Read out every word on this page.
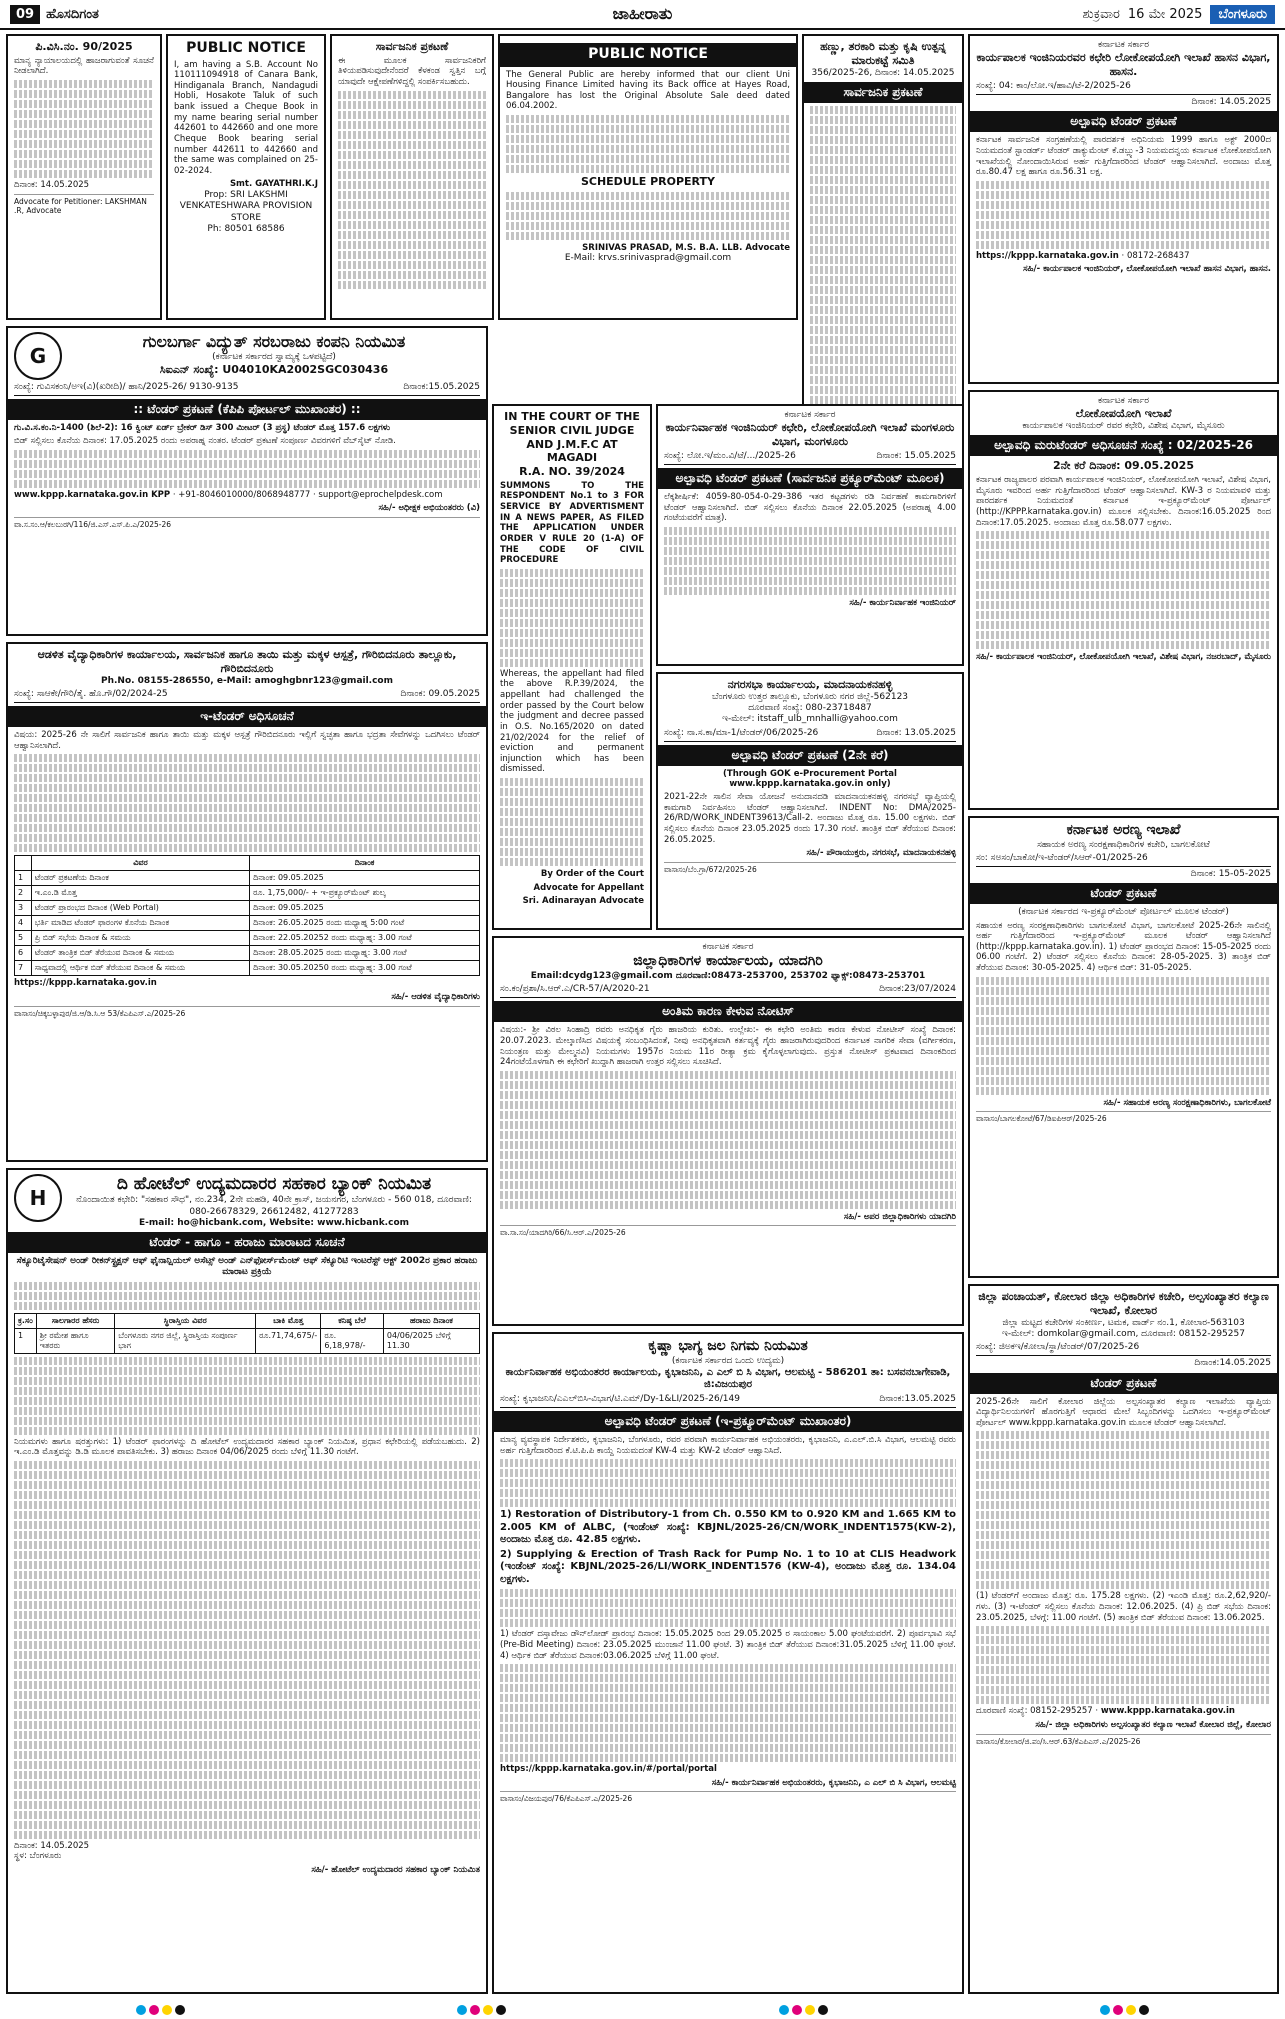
09 ಹೊಸದಿಗಂತ	ಜಾಹೀರಾತು	ಶುಕ್ರವಾರ 16 ಮೇ 2025	ಬೆಂಗಳೂರು
ಪಿ.ವಿಸಿ.ನಂ. 90/2025

ಮಾನ್ಯ ನ್ಯಾಯಾಲಯದಲ್ಲಿ ಹಾಜರಾಗುವಂತೆ ಸೂಚನೆ ನೀಡಲಾಗಿದೆ.

ದಿನಾಂಕ: 14.05.2025

Advocate for Petitioner: LAKSHMAN .R, Advocate
PUBLIC NOTICE

I, am having a S.B. Account No 110111094918 of Canara Bank, Hindiganala Branch, Nandagudi Hobli, Hosakote Taluk of such bank issued a Cheque Book in my name bearing serial number 442601 to 442660 and one more Cheque Book bearing serial number 442611 to 442660 and the same was complained on 25-02-2024.

Smt. GAYATHRI.K.J
Prop: SRI LAKSHMI VENKATESHWARA PROVISION STORE
Ph: 80501 68586
ಸಾರ್ವಜನಿಕ ಪ್ರಕಟಣೆ

ಈ ಮೂಲಕ ಸಾರ್ವಜನಿಕರಿಗೆ ತಿಳಿಯಪಡಿಸುವುದೇನೆಂದರೆ ಕೆಳಕಂಡ ಸ್ವತ್ತಿನ ಬಗ್ಗೆ ಯಾವುದೇ ಆಕ್ಷೇಪಣೆಗಳಿದ್ದಲ್ಲಿ ಸಂಪರ್ಕಿಸಬಹುದು.

PUBLIC NOTICE

The General Public are hereby informed that our client Uni Housing Finance Limited having its Back office at Hayes Road, Bangalore has lost the Original Absolute Sale deed dated 06.04.2002.

SCHEDULE PROPERTY
SRINIVAS PRASAD, M.S. B.A. LLB. Advocate
E-Mail: krvs.srinivasprad@gmail.com
ಹಣ್ಣು, ತರಕಾರಿ ಮತ್ತು ಕೃಷಿ ಉತ್ಪನ್ನ ಮಾರುಕಟ್ಟೆ ಸಮಿತಿ
356/2025-26, ದಿನಾಂಕ: 14.05.2025
ಸಾರ್ವಜನಿಕ ಪ್ರಕಟಣೆ
ಕರ್ನಾಟಕ ಸರ್ಕಾರ
ಕಾರ್ಯಪಾಲಕ ಇಂಜಿನಿಯರವರ ಕಛೇರಿ ಲೋಕೋಪಯೋಗಿ ಇಲಾಖೆ ಹಾಸನ ವಿಭಾಗ, ಹಾಸನ.
ಸಂಖ್ಯೆ: 04: ಕಾಂ/ಲೋ.ಇ/ಹಾವಿ/ಟೆ-2/2025-26
ದಿನಾಂಕ: 14.05.2025
ಅಲ್ಪಾವಧಿ ಟೆಂಡರ್ ಪ್ರಕಟಣೆ

ಕರ್ನಾಟಕ ಸಾರ್ವಜನಿಕ ಸಂಗ್ರಹಣೆಯಲ್ಲಿ ಪಾರದರ್ಶಕ ಅಧಿನಿಯಮ 1999 ಹಾಗೂ ಅಕ್ಟ್ 2000ದ ನಿಯಮದಂತೆ ಸ್ಟಾಂಡರ್ಡ್ ಟೆಂಡರ್ ಡಾಕ್ಯುಮೆಂಟ್ ಕೆ.ಡಬ್ಲ್ಯು-3 ನಿಯಮದನ್ವಯ ಕರ್ನಾಟಕ ಲೋಕೋಪಯೋಗಿ ಇಲಾಖೆಯಲ್ಲಿ ನೋಂದಾಯಿಸಿರುವ ಅರ್ಹ ಗುತ್ತಿಗೆದಾರರಿಂದ ಟೆಂಡರ್ ಆಹ್ವಾನಿಸಲಾಗಿದೆ. ಅಂದಾಜು ಮೊತ್ತ ರೂ.80.47 ಲಕ್ಷ ಹಾಗೂ ರೂ.56.31 ಲಕ್ಷ.

https://kppp.karnataka.gov.in · 08172-268437

ಸಹಿ/- ಕಾರ್ಯಪಾಲಕ ಇಂಜಿನಿಯರ್, ಲೋಕೋಪಯೋಗಿ ಇಲಾಖೆ ಹಾಸನ ವಿಭಾಗ, ಹಾಸನ.
G
ಗುಲಬರ್ಗಾ ವಿದ್ಯುತ್ ಸರಬರಾಜು ಕಂಪನಿ ನಿಯಮಿತ
(ಕರ್ನಾಟಕ ಸರ್ಕಾರದ ಸ್ವಾಮ್ಯಕ್ಕೆ ಒಳಪಟ್ಟಿದೆ)
ಸಿಐಎನ್ ಸಂಖ್ಯೆ: U04010KA2002SGC030436
ಸಂಖ್ಯೆ: ಗುವಿಸಕಂನಿ/ಅಇ(ವಿ)(ಖರೀದಿ)/ ಹಾನಿ/2025-26/ 9130-9135	ದಿನಾಂಕ:15.05.2025
:: ಟೆಂಡರ್ ಪ್ರಕಟಣೆ (ಕೆಪಿಪಿ ಪೋರ್ಟಲ್ ಮುಖಾಂತರ) ::

ಗು.ವಿ.ಸ.ಕಂ.ನಿ-1400 (ಶಿಲೆ-2): 16 ಕ್ವಿಂಟ್ ಏರ್ಡ್ ಬ್ರೇಕರ್ ಡಿಸ್ 300 ಮೀಟರ್ (3 ಪ್ರಸ್ಥ) ಟೆಂಡರ್ ಮೊತ್ತ 157.6 ಲಕ್ಷಗಳು

ಬಿಡ್ ಸಲ್ಲಿಸಲು ಕೊನೆಯ ದಿನಾಂಕ: 17.05.2025 ರಂದು ಅಪರಾಹ್ನ ನಂತರ. ಟೆಂಡರ್ ಪ್ರಕಟಣೆ ಸಂಪೂರ್ಣ ವಿವರಗಳಿಗೆ ವೆಬ್‌ಸೈಟ್ ನೋಡಿ.

www.kppp.karnataka.gov.in KPP · +91-8046010000/8068948777 · support@eprochelpdesk.com

ಸಹಿ/- ಅಧೀಕ್ಷಕ ಅಭಿಯಂತರರು (ವಿ)
ವಾ.ಸ.ಸಂ.ಆ/ಕಲಬುರಗಿ/116/ಜಿ.ಎಸ್.ಎಸ್.ಪಿ.ಎ/2025-26
IN THE COURT OF THE SENIOR CIVIL JUDGE AND J.M.F.C AT MAGADI
R.A. NO. 39/2024

SUMMONS TO THE RESPONDENT No.1 to 3 FOR SERVICE BY ADVERTISMENT IN A NEWS PAPER, AS FILED THE APPLICATION UNDER ORDER V RULE 20 (1-A) OF THE CODE OF CIVIL PROCEDURE

Whereas, the appellant had filed the above R.P.39/2024, the appellant had challenged the order passed by the Court below the judgment and decree passed in O.S. No.165/2020 on dated 21/02/2024 for the relief of eviction and permanent injunction which has been dismissed.

By Order of the Court
Advocate for Appellant
Sri. Adinarayan Advocate
ಕರ್ನಾಟಕ ಸರ್ಕಾರ
ಕಾರ್ಯನಿರ್ವಾಹಕ ಇಂಜಿನಿಯರ್ ಕಛೇರಿ, ಲೋಕೋಪಯೋಗಿ ಇಲಾಖೆ ಮಂಗಳೂರು ವಿಭಾಗ, ಮಂಗಳೂರು
ಸಂಖ್ಯೆ: ಲೋ.ಇ/ಮಂ.ವಿ/ಟೆ/.../2025-26	ದಿನಾಂಕ: 15.05.2025
ಅಲ್ಪಾವಧಿ ಟೆಂಡರ್ ಪ್ರಕಟಣೆ (ಸಾರ್ವಜನಿಕ ಪ್ರಕ್ಯೂರ್‌ಮೆಂಟ್ ಮೂಲಕ)

ಲೆಕ್ಕಶೀರ್ಷಿಕೆ: 4059-80-054-0-29-386 ಇತರ ಕಟ್ಟಡಗಳು ರಡಿ ನಿರ್ವಹಣೆ ಕಾಮಗಾರಿಗಳಿಗೆ ಟೆಂಡರ್ ಆಹ್ವಾನಿಸಲಾಗಿದೆ. ಬಿಡ್ ಸಲ್ಲಿಸಲು ಕೊನೆಯ ದಿನಾಂಕ 22.05.2025 (ಅಪರಾಹ್ನ 4.00 ಗಂಟೆಯವರೆಗೆ ಮಾತ್ರ).

ಸಹಿ/- ಕಾರ್ಯನಿರ್ವಾಹಕ ಇಂಜಿನಿಯರ್
ಕರ್ನಾಟಕ ಸರ್ಕಾರ
ಲೋಕೋಪಯೋಗಿ ಇಲಾಖೆ
ಕಾರ್ಯಪಾಲಕ ಇಂಜಿನಿಯರ್ ರವರ ಕಛೇರಿ, ವಿಶೇಷ ವಿಭಾಗ, ಮೈಸೂರು
ಅಲ್ಪಾವಧಿ ಮರುಟೆಂಡರ್ ಅಧಿಸೂಚನೆ ಸಂಖ್ಯೆ : 02/2025-26
2ನೇ ಕರೆ ದಿನಾಂಕ: 09.05.2025

ಕರ್ನಾಟಕ ರಾಜ್ಯಪಾಲರ ಪರವಾಗಿ ಕಾರ್ಯಪಾಲಕ ಇಂಜಿನಿಯರ್, ಲೋಕೋಪಯೋಗಿ ಇಲಾಖೆ, ವಿಶೇಷ ವಿಭಾಗ, ಮೈಸೂರು ಇವರಿಂದ ಅರ್ಹ ಗುತ್ತಿಗೆದಾರರಿಂದ ಟೆಂಡರ್ ಆಹ್ವಾನಿಸಲಾಗಿದೆ. KW-3 ರ ನಿಯಮಾವಳಿ ಮತ್ತು ಪಾರದರ್ಶಕ ನಿಯಮದಂತೆ ಕರ್ನಾಟಕ ಇ-ಪ್ರಕ್ಯೂರ್‌ಮೆಂಟ್ ಪೋರ್ಟಲ್ (http://KPPP.karnataka.gov.in) ಮೂಲಕ ಸಲ್ಲಿಸಬೇಕು. ದಿನಾಂಕ:16.05.2025 ರಿಂದ ದಿನಾಂಕ:17.05.2025. ಅಂದಾಜು ಮೊತ್ತ ರೂ.58.077 ಲಕ್ಷಗಳು.

ಸಹಿ/- ಕಾರ್ಯಪಾಲಕ ಇಂಜಿನಿಯರ್, ಲೋಕೋಪಯೋಗಿ ಇಲಾಖೆ, ವಿಶೇಷ ವಿಭಾಗ, ನಜರಬಾದ್, ಮೈಸೂರು
ಆಡಳಿತ ವೈದ್ಯಾಧಿಕಾರಿಗಳ ಕಾರ್ಯಾಲಯ, ಸಾರ್ವಜನಿಕ ಹಾಗೂ ತಾಯಿ ಮತ್ತು ಮಕ್ಕಳ ಆಸ್ಪತ್ರೆ, ಗೌರಿಬಿದನೂರು ತಾಲ್ಲೂಕು, ಗೌರಿಬಿದನೂರು
Ph.No. 08155-286550, e-Mail: amoghgbnr123@gmail.com
ಸಂಖ್ಯೆ: ಸಾಆಕೇ/ಗೌರಿ/ತೈ. ಹೊ.ಗೌ/02/2024-25	ದಿನಾಂಕ: 09.05.2025
ಇ-ಟೆಂಡರ್ ಅಧಿಸೂಚನೆ

ವಿಷಯ: 2025-26 ನೇ ಸಾಲಿಗೆ ಸಾರ್ವಜನಿಕ ಹಾಗೂ ತಾಯಿ ಮತ್ತು ಮಕ್ಕಳ ಆಸ್ಪತ್ರೆ ಗೌರಿಬಿದನೂರು ಇಲ್ಲಿಗೆ ಸ್ವಚ್ಛತಾ ಹಾಗೂ ಭದ್ರತಾ ಸೇವೆಗಳನ್ನು ಒದಗಿಸಲು ಟೆಂಡರ್ ಆಹ್ವಾನಿಸಲಾಗಿದೆ.

	ವಿವರ	ದಿನಾಂಕ
1	ಟೆಂಡರ್ ಪ್ರಕಟಣೆಯ ದಿನಾಂಕ	ದಿನಾಂಕ: 09.05.2025
2	ಇ.ಎಂ.ಡಿ ಮೊತ್ತ	ರೂ. 1,75,000/- + ಇ-ಪ್ರಕ್ಯೂರ್‌ಮೆಂಟ್ ಶುಲ್ಕ
3	ಟೆಂಡರ್ ಪ್ರಾರಂಭದ ದಿನಾಂಕ (Web Portal)	ದಿನಾಂಕ: 09.05.2025
4	ಭರ್ತಿ ಮಾಡಿದ ಟೆಂಡರ್ ಫಾರಂಗಳ ಕೊನೆಯ ದಿನಾಂಕ	ದಿನಾಂಕ: 26.05.2025 ರಂದು ಮಧ್ಯಾಹ್ನ 5:00 ಗಂಟೆ
5	ಪ್ರಿ ಬಿಡ್ ಸಭೆಯ ದಿನಾಂಕ & ಸಮಯ	ದಿನಾಂಕ: 22.05.20252 ರಂದು ಮಧ್ಯಾಹ್ನ: 3.00 ಗಂಟೆ
6	ಟೆಂಡರ್ ತಾಂತ್ರಿಕ ಬಿಡ್ ತೆರೆಯುವ ದಿನಾಂಕ & ಸಮಯ	ದಿನಾಂಕ: 28.05.2025 ರಂದು ಮಧ್ಯಾಹ್ನ: 3.00 ಗಂಟೆ
7	ಸಾಧ್ಯವಾದಲ್ಲಿ ಆರ್ಥಿಕ ಬಿಡ್ ತೆರೆಯುವ ದಿನಾಂಕ & ಸಮಯ	ದಿನಾಂಕ: 30.05.20250 ರಂದು ಮಧ್ಯಾಹ್ನ: 3.00 ಗಂಟೆ

https://kppp.karnataka.gov.in

ಸಹಿ/- ಆಡಳಿತ ವೈದ್ಯಾಧಿಕಾರಿಗಳು
ವಾಸಾಸಂ/ಚಿಕ್ಕಬಳ್ಳಾಪುರ/ಜಿ.ಆ/ಡಿ.ಸಿ.ಆ 53/ಕೆಎಪಿಎಸ್.ಎ/2025-26
ನಗರಸಭಾ ಕಾರ್ಯಾಲಯ, ಮಾದನಾಯಕನಹಳ್ಳಿ
ಬೆಂಗಳೂರು ಉತ್ತರ ತಾಲ್ಲೂಕು, ಬೆಂಗಳೂರು ನಗರ ಜಿಲ್ಲೆ-562123
ದೂರವಾಣಿ ಸಂಖ್ಯೆ: 080-23718487
ಇ-ಮೇಲ್: itstaff_ulb_mnhalli@yahoo.com
ಸಂಖ್ಯೆ: ನಾ.ಸ.ಕಾ/ಮಾ-1/ಟೆಂಡರ್/06/2025-26	ದಿನಾಂಕ: 13.05.2025
ಅಲ್ಪಾವಧಿ ಟೆಂಡರ್ ಪ್ರಕಟಣೆ (2ನೇ ಕರೆ)
(Through GOK e-Procurement Portal www.kppp.karnataka.gov.in only)

2021-22ನೇ ಸಾಲಿನ ಸೇವಾ ಯೋಜನೆ ಅನುದಾನದಡಿ ಮಾದನಾಯಕನಹಳ್ಳಿ ನಗರಸಭೆ ವ್ಯಾಪ್ತಿಯಲ್ಲಿ ಕಾಮಗಾರಿ ನಿರ್ವಹಿಸಲು ಟೆಂಡರ್ ಆಹ್ವಾನಿಸಲಾಗಿದೆ. INDENT No: DMA/2025-26/RD/WORK_INDENT39613/Call-2. ಅಂದಾಜು ಮೊತ್ತ ರೂ. 15.00 ಲಕ್ಷಗಳು. ಬಿಡ್ ಸಲ್ಲಿಸಲು ಕೊನೆಯ ದಿನಾಂಕ 23.05.2025 ರಂದು 17.30 ಗಂಟೆ. ತಾಂತ್ರಿಕ ಬಿಡ್ ತೆರೆಯುವ ದಿನಾಂಕ: 26.05.2025.

ಸಹಿ/- ಪೌರಾಯುಕ್ತರು, ನಗರಸಭೆ, ಮಾದನಾಯಕನಹಳ್ಳಿ
ವಾಸಾಸಂ/ಬೆಂ.ಗ್ರಾ/672/2025-26
ಕರ್ನಾಟಕ ಅರಣ್ಯ ಇಲಾಖೆ
ಸಹಾಯಕ ಅರಣ್ಯ ಸಂರಕ್ಷಣಾಧಿಕಾರಿಗಳ ಕಚೇರಿ, ಬಾಗಲಕೋಟೆ
ಸಂ: ಸಅಸಂ/ಬಾಕೋ/ಇ-ಟೆಂಡರ್/ಸಿಆರ್-01/2025-26
ದಿನಾಂಕ: 15-05-2025
ಟೆಂಡರ್ ಪ್ರಕಟಣೆ
(ಕರ್ನಾಟಕ ಸರ್ಕಾರದ ಇ-ಪ್ರಕ್ಯೂರ್‌ಮೆಂಟ್ ಪೋರ್ಟಲ್ ಮೂಲಕ ಟೆಂಡರ್)

ಸಹಾಯಕ ಅರಣ್ಯ ಸಂರಕ್ಷಣಾಧಿಕಾರಿಗಳು ಬಾಗಲಕೋಟೆ ವಿಭಾಗ, ಬಾಗಲಕೋಟೆ 2025-26ನೇ ಸಾಲಿನಲ್ಲಿ ಅರ್ಹ ಗುತ್ತಿಗೆದಾರರಿಂದ ಇ-ಪ್ರಕ್ಯೂರ್‌ಮೆಂಟ್ ಮೂಲಕ ಟೆಂಡರ್ ಆಹ್ವಾನಿಸಲಾಗಿದೆ (http://kppp.karnataka.gov.in). 1) ಟೆಂಡರ್ ಪ್ರಾರಂಭದ ದಿನಾಂಕ: 15-05-2025 ರಂದು 06.00 ಗಂಟೆಗೆ. 2) ಟೆಂಡರ್ ಸಲ್ಲಿಸಲು ಕೊನೆಯ ದಿನಾಂಕ: 28-05-2025. 3) ತಾಂತ್ರಿಕ ಬಿಡ್ ತೆರೆಯುವ ದಿನಾಂಕ: 30-05-2025. 4) ಆರ್ಥಿಕ ಬಿಡ್: 31-05-2025.

ಸಹಿ/- ಸಹಾಯಕ ಅರಣ್ಯ ಸಂರಕ್ಷಣಾಧಿಕಾರಿಗಳು, ಬಾಗಲಕೋಟೆ
ವಾಸಾಸಂ/ಬಾಗಲಕೋಟೆ/67/ಡಿಐಪಿಆರ್/2025-26
ಕರ್ನಾಟಕ ಸರ್ಕಾರ
ಜಿಲ್ಲಾಧಿಕಾರಿಗಳ ಕಾರ್ಯಾಲಯ, ಯಾದಗಿರಿ
Email:dcydg123@gmail.com ದೂರವಾಣಿ:08473-253700, 253702 ಫ್ಯಾಕ್ಸ್:08473-253701
ಸಂ.ಕಂ/ಪ್ರಶಾ/ಸಿ.ಆರ್.ಎ/CR-57/A/2020-21	ದಿನಾಂಕ:23/07/2024
ಅಂತಿಮ ಕಾರಣ ಕೇಳುವ ನೋಟಿಸ್

ವಿಷಯ:- ಶ್ರೀ ವಿಠಲ ಸಿಂಹಾದ್ರಿ ರವರು ಅನಧಿಕೃತ ಗೈರು ಹಾಜರಿಯ ಕುರಿತು. ಉಲ್ಲೇಖ:- ಈ ಕಛೇರಿ ಅಂತಿಮ ಕಾರಣ ಕೇಳುವ ನೋಟೀಸ್ ಸಂಖ್ಯೆ ದಿನಾಂಕ: 20.07.2023. ಮೇಲ್ಕಾಣಿಸಿದ ವಿಷಯಕ್ಕೆ ಸಂಬಂಧಿಸಿದಂತೆ, ನೀವು ಅನಧಿಕೃತವಾಗಿ ಕರ್ತವ್ಯಕ್ಕೆ ಗೈರು ಹಾಜರಾಗಿರುವುದರಿಂದ ಕರ್ನಾಟಕ ನಾಗರಿಕ ಸೇವಾ (ವರ್ಗೀಕರಣ, ನಿಯಂತ್ರಣ ಮತ್ತು ಮೇಲ್ಮನವಿ) ನಿಯಮಗಳು 1957ರ ನಿಯಮ 11ರ ರೀತ್ಯಾ ಕ್ರಮ ಕೈಗೊಳ್ಳಲಾಗುವುದು. ಪ್ರಸ್ತುತ ನೋಟೀಸ್ ಪ್ರಕಟವಾದ ದಿನಾಂಕದಿಂದ 24ಗಂಟೆಯೊಳಗಾಗಿ ಈ ಕಛೇರಿಗೆ ಖುದ್ದಾಗಿ ಹಾಜರಾಗಿ ಉತ್ತರ ಸಲ್ಲಿಸಲು ಸೂಚಿಸಿದೆ.

ಸಹಿ/- ಅಪರ ಜಿಲ್ಲಾಧಿಕಾರಿಗಳು ಯಾದಗಿರಿ
ವಾ.ಸಾ.ಸಂ/ಯಾದಗಿರಿ/66/ಸಿ.ಆರ್.ಎ/2025-26
H
ದಿ ಹೋಟೆಲ್ ಉದ್ಯಮದಾರರ ಸಹಕಾರ ಬ್ಯಾಂಕ್ ನಿಯಮಿತ
ನೊಂದಾಯಿತ ಕಛೇರಿ: "ಸಹಕಾರ ಸೌಧ", ನಂ.234, 2ನೇ ಮಹಡಿ, 40ನೇ ಕ್ರಾಸ್, ಜಯನಗರ, ಬೆಂಗಳೂರು - 560 018, ದೂರವಾಣಿ: 080-26678329, 26612482, 41277283
E-mail: ho@hicbank.com, Website: www.hicbank.com
ಟೆಂಡರ್ - ಹಾಗೂ - ಹರಾಜು ಮಾರಾಟದ ಸೂಚನೆ
ಸೆಕ್ಯೂರಿಟೈಸೇಷನ್ ಅಂಡ್ ರೀಕನ್‌ಸ್ಟ್ರಕ್ಷನ್ ಆಫ್ ಫೈನಾನ್ಷಿಯಲ್ ಅಸೆಟ್ಸ್ ಅಂಡ್ ಎನ್‌ಫೋರ್ಸ್‌ಮೆಂಟ್ ಆಫ್ ಸೆಕ್ಯೂರಿಟಿ ಇಂಟರೆಸ್ಟ್ ಆಕ್ಟ್ 2002ರ ಪ್ರಕಾರ ಹರಾಜು ಮಾರಾಟ ಪ್ರಕ್ರಿಯೆ
ಕ್ರ.ಸಂ	ಸಾಲಗಾರರ ಹೆಸರು	ಸ್ಥಿರಾಸ್ತಿಯ ವಿವರ	ಬಾಕಿ ಮೊತ್ತ	ಕನಿಷ್ಠ ಬೆಲೆ	ಹರಾಜು ದಿನಾಂಕ
1	ಶ್ರೀ ರಮೇಶ ಹಾಗೂ ಇತರರು	ಬೆಂಗಳೂರು ನಗರ ಜಿಲ್ಲೆ, ಸ್ಥಿರಾಸ್ತಿಯ ಸಂಪೂರ್ಣ ಭಾಗ	ರೂ.71,74,675/-	ರೂ. 6,18,978/-	04/06/2025 ಬೆಳಿಗ್ಗೆ 11.30

ನಿಯಮಗಳು ಹಾಗೂ ಷರತ್ತುಗಳು: 1) ಟೆಂಡರ್ ಫಾರಂಗಳನ್ನು ದಿ ಹೋಟೆಲ್ ಉದ್ಯಮದಾರರ ಸಹಕಾರ ಬ್ಯಾಂಕ್ ನಿಯಮಿತ, ಪ್ರಧಾನ ಕಛೇರಿಯಲ್ಲಿ ಪಡೆಯಬಹುದು. 2) ಇ.ಎಂ.ಡಿ ಮೊತ್ತವನ್ನು ಡಿ.ಡಿ ಮೂಲಕ ಪಾವತಿಸಬೇಕು. 3) ಹರಾಜು ದಿನಾಂಕ 04/06/2025 ರಂದು ಬೆಳಿಗ್ಗೆ 11.30 ಗಂಟೆಗೆ.

ದಿನಾಂಕ: 14.05.2025
ಸ್ಥಳ: ಬೆಂಗಳೂರು

ಸಹಿ/- ಹೋಟೆಲ್ ಉದ್ಯಮದಾರರ ಸಹಕಾರ ಬ್ಯಾಂಕ್ ನಿಯಮಿತ
ಕೃಷ್ಣಾ ಭಾಗ್ಯ ಜಲ ನಿಗಮ ನಿಯಮಿತ
(ಕರ್ನಾಟಕ ಸರ್ಕಾರದ ಒಂದು ಉದ್ಯಮ)
ಕಾರ್ಯನಿರ್ವಾಹಕ ಅಭಿಯಂತರರ ಕಾರ್ಯಾಲಯ, ಕೃಭಾಜನಿನಿ, ಎ ಎಲ್ ಬಿ ಸಿ ವಿಭಾಗ, ಆಲಮಟ್ಟಿ - 586201 ತಾ: ಬಸವನಬಾಗೇವಾಡಿ, ಜಿ:ವಿಜಯಪುರ
ಸಂಖ್ಯೆ: ಕೃಭಾಜನಿನಿ/ಎಎಲ್‌ಬಿಸಿ-ವಿಭಾಗ/ಟಿ.ಎಮ್/Dy-1&LI/2025-26/149	ದಿನಾಂಕ:13.05.2025
ಅಲ್ಪಾವಧಿ ಟೆಂಡರ್ ಪ್ರಕಟಣೆ (ಇ-ಪ್ರಕ್ಯೂರ್‌ಮೆಂಟ್ ಮುಖಾಂತರ)

ಮಾನ್ಯ ವ್ಯವಸ್ಥಾಪಕ ನಿರ್ದೇಶಕರು, ಕೃಭಾಜನಿನಿ, ಬೆಂಗಳೂರು, ರವರ ಪರವಾಗಿ ಕಾರ್ಯನಿರ್ವಾಹಕ ಅಭಿಯಂತರರು, ಕೃಭಾಜನಿನಿ, ಎ.ಎಲ್.ಬಿ.ಸಿ ವಿಭಾಗ, ಆಲಮಟ್ಟಿ ರವರು ಅರ್ಹ ಗುತ್ತಿಗೆದಾರರಿಂದ ಕೆ.ಟಿ.ಪಿ.ಪಿ ಕಾಯ್ದೆ ನಿಯಮದಂತೆ KW-4 ಮತ್ತು KW-2 ಟೆಂಡರ್ ಆಹ್ವಾನಿಸಿದೆ.

1) Restoration of Distributory-1 from Ch. 0.550 KM to 0.920 KM and 1.665 KM to 2.005 KM of ALBC, (ಇಂಡೆಂಟ್ ಸಂಖ್ಯೆ: KBJNL/2025-26/CN/WORK_INDENT1575(KW-2), ಅಂದಾಜು ಮೊತ್ತ ರೂ. 42.85 ಲಕ್ಷಗಳು.

2) Supplying & Erection of Trash Rack for Pump No. 1 to 10 at CLIS Headwork (ಇಂಡೆಂಟ್ ಸಂಖ್ಯೆ: KBJNL/2025-26/LI/WORK_INDENT1576 (KW-4), ಅಂದಾಜು ಮೊತ್ತ ರೂ. 134.04 ಲಕ್ಷಗಳು.

1) ಟೆಂಡರ್ ದಸ್ತಾವೇಜು ಡೌನ್‌ಲೋಡ್ ಪ್ರಾರಂಭ ದಿನಾಂಕ: 15.05.2025 ರಿಂದ 29.05.2025 ರ ಸಾಯಂಕಾಲ 5.00 ಘಂಟೆಯವರೆಗೆ. 2) ಪೂರ್ವಭಾವಿ ಸಭೆ (Pre-Bid Meeting) ದಿನಾಂಕ: 23.05.2025 ಮುಂಜಾನೆ 11.00 ಘಂಟೆ. 3) ತಾಂತ್ರಿಕ ಬಿಡ್ ತೆರೆಯುವ ದಿನಾಂಕ:31.05.2025 ಬೆಳಿಗ್ಗೆ 11.00 ಘಂಟೆ. 4) ಆರ್ಥಿಕ ಬಿಡ್ ತೆರೆಯುವ ದಿನಾಂಕ:03.06.2025 ಬೆಳಿಗ್ಗೆ 11.00 ಘಂಟೆ.

https://kppp.karnataka.gov.in/#/portal/portal

ಸಹಿ/- ಕಾರ್ಯನಿರ್ವಾಹಕ ಅಭಿಯಂತರರು, ಕೃಭಾಜನಿನಿ, ಎ ಎಲ್ ಬಿ ಸಿ ವಿಭಾಗ, ಆಲಮಟ್ಟಿ
ವಾಸಾಸಂ/ವಿಜಯಪುರ/76/ಕೆಎಪಿಎಸ್.ಎ/2025-26
ಜಿಲ್ಲಾ ಪಂಚಾಯತ್, ಕೋಲಾರ ಜಿಲ್ಲಾ ಅಧಿಕಾರಿಗಳ ಕಚೇರಿ, ಅಲ್ಪಸಂಖ್ಯಾತರ ಕಲ್ಯಾಣ ಇಲಾಖೆ, ಕೋಲಾರ
ಜಿಲ್ಲಾ ಮಟ್ಟದ ಕಚೇರಿಗಳ ಸಂಕೀರ್ಣ, ಟಮಕ, ವಾರ್ಡ್ ನಂ.1, ಕೋಲಾರ-563103
ಇ-ಮೇಲ್: domkolar@gmail.com, ದೂರವಾಣಿ: 08152-295257
ಸಂಖ್ಯೆ: ಜಿಅಕಇ/ಕೋಲಾ/ಸ್ಥಾ/ಟೆಂಡರ್/07/2025-26
ದಿನಾಂಕ:14.05.2025
ಟೆಂಡರ್ ಪ್ರಕಟಣೆ

2025-26ನೇ ಸಾಲಿಗೆ ಕೋಲಾರ ಜಿಲ್ಲೆಯ ಅಲ್ಪಸಂಖ್ಯಾತರ ಕಲ್ಯಾಣ ಇಲಾಖೆಯ ವ್ಯಾಪ್ತಿಯ ವಿದ್ಯಾರ್ಥಿನಿಲಯಗಳಿಗೆ ಹೊರಗುತ್ತಿಗೆ ಆಧಾರದ ಮೇಲೆ ಸಿಬ್ಬಂದಿಗಳನ್ನು ಒದಗಿಸಲು ಇ-ಪ್ರಕ್ಯೂರ್‌ಮೆಂಟ್ ಪೋರ್ಟಲ್ www.kppp.karnataka.gov.in ಮೂಲಕ ಟೆಂಡರ್ ಆಹ್ವಾನಿಸಲಾಗಿದೆ.

(1) ಟೆಂಡರ್‌ಗೆ ಅಂದಾಜು ಮೊತ್ತ: ರೂ. 175.28 ಲಕ್ಷಗಳು. (2) ಇಎಂಡಿ ಮೊತ್ತ: ರೂ.2,62,920/-ಗಳು. (3) ಇ-ಟೆಂಡರ್ ಸಲ್ಲಿಸಲು ಕೊನೆಯ ದಿನಾಂಕ: 12.06.2025. (4) ಪ್ರಿ ಬಿಡ್ ಸಭೆಯ ದಿನಾಂಕ: 23.05.2025, ಬೆಳಗ್ಗೆ: 11.00 ಗಂಟೆಗೆ. (5) ತಾಂತ್ರಿಕ ಬಿಡ್ ತೆರೆಯುವ ದಿನಾಂಕ: 13.06.2025.

ದೂರವಾಣಿ ಸಂಖ್ಯೆ: 08152-295257 · www.kppp.karnataka.gov.in

ಸಹಿ/- ಜಿಲ್ಲಾ ಅಧಿಕಾರಿಗಳು ಅಲ್ಪಸಂಖ್ಯಾತರ ಕಲ್ಯಾಣ ಇಲಾಖೆ ಕೋಲಾರ ಜಿಲ್ಲೆ, ಕೋಲಾರ
ವಾಸಾಸಂ/ಕೋಲಾರ/ಜಿ.ಪಂ/ಸಿ.ಆರ್.63/ಕೆಎಪಿಎಸ್.ಎ/2025-26
